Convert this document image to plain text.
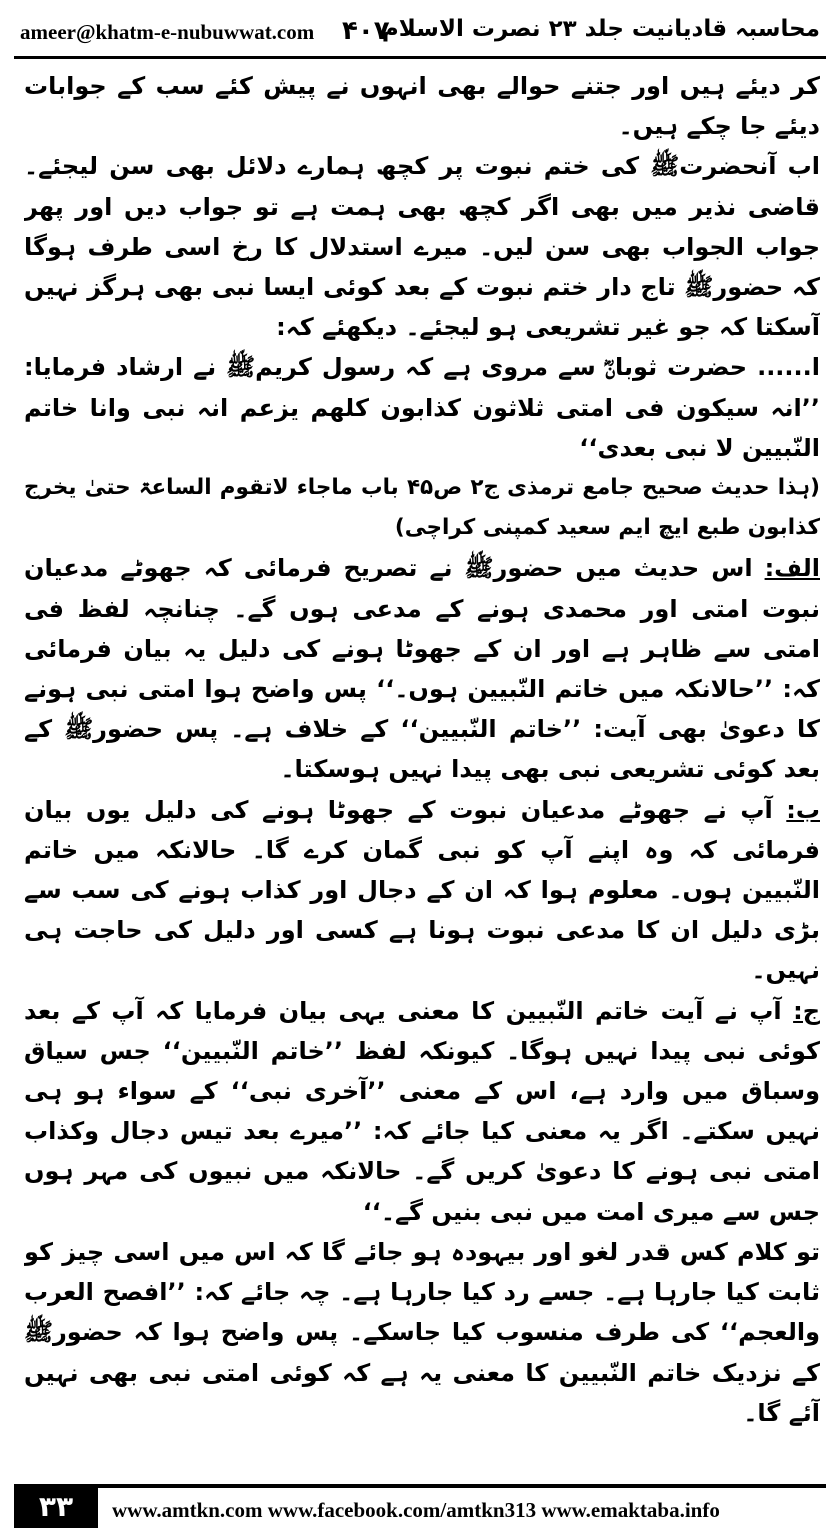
ameer@khatm-e-nubuwwat.com ۴۰۷
محاسبہ قادیانیت جلد ۲۳ نصرت الاسلام

کر دیئے ہیں اور جتنے حوالے بھی انہوں نے پیش کئے سب کے جوابات دیئے جا چکے ہیں۔

اب آنحضرتﷺ کی ختم نبوت پر کچھ ہمارے دلائل بھی سن لیجئے۔ قاضی نذیر میں بھی اگر کچھ بھی ہمت ہے تو جواب دیں اور پھر جواب الجواب بھی سن لیں۔ میرے استدلال کا رخ اسی طرف ہوگا کہ حضورﷺ تاج دار ختم نبوت کے بعد کوئی ایسا نبی بھی ہرگز نہیں آسکتا کہ جو غیر تشریعی ہو لیجئے۔ دیکھئے کہ:

ا...... حضرت ثوبانؓ سے مروی ہے کہ رسول کریمﷺ نے ارشاد فرمایا: ’’انہ سیکون فی امتی ثلاثون کذابون کلھم یزعم انہ نبی وانا خاتم النّبیین لا نبی بعدی‘‘

(ہذا حدیث صحیح جامع ترمذی ج۲ ص۴۵ باب ماجاء لاتقوم الساعۃ حتیٰ یخرج کذابون طبع ایچ ایم سعید کمپنی کراچی)

الف: اس حدیث میں حضورﷺ نے تصریح فرمائی کہ جھوٹے مدعیان نبوت امتی اور محمدی ہونے کے مدعی ہوں گے۔ چنانچہ لفظ فی امتی سے ظاہر ہے اور ان کے جھوٹا ہونے کی دلیل یہ بیان فرمائی کہ: ’’حالانکہ میں خاتم النّبیین ہوں۔‘‘ پس واضح ہوا امتی نبی ہونے کا دعویٰ بھی آیت: ’’خاتم النّبیین‘‘ کے خلاف ہے۔ پس حضورﷺ کے بعد کوئی تشریعی نبی بھی پیدا نہیں ہوسکتا۔

ب: آپ نے جھوٹے مدعیان نبوت کے جھوٹا ہونے کی دلیل یوں بیان فرمائی کہ وہ اپنے آپ کو نبی گمان کرے گا۔ حالانکہ میں خاتم النّبیین ہوں۔ معلوم ہوا کہ ان کے دجال اور کذاب ہونے کی سب سے بڑی دلیل ان کا مدعی نبوت ہونا ہے کسی اور دلیل کی حاجت ہی نہیں۔

ج: آپ نے آیت خاتم النّبیین کا معنی یہی بیان فرمایا کہ آپ کے بعد کوئی نبی پیدا نہیں ہوگا۔ کیونکہ لفظ ’’خاتم النّبیین‘‘ جس سیاق وسباق میں وارد ہے، اس کے معنی ’’آخری نبی‘‘ کے سواء ہو ہی نہیں سکتے۔ اگر یہ معنی کیا جائے کہ: ’’میرے بعد تیس دجال وکذاب امتی نبی ہونے کا دعویٰ کریں گے۔ حالانکہ میں نبیوں کی مہر ہوں جس سے میری امت میں نبی بنیں گے۔‘‘

تو کلام کس قدر لغو اور بیہودہ ہو جائے گا کہ اس میں اسی چیز کو ثابت کیا جارہا ہے۔ جسے رد کیا جارہا ہے۔ چہ جائے کہ: ’’افصح العرب والعجم‘‘ کی طرف منسوب کیا جاسکے۔ پس واضح ہوا کہ حضورﷺ کے نزدیک خاتم النّبیین کا معنی یہ ہے کہ کوئی امتی نبی بھی نہیں آئے گا۔

۳۳	www.amtkn.com www.facebook.com/amtkn313 www.emaktaba.info
